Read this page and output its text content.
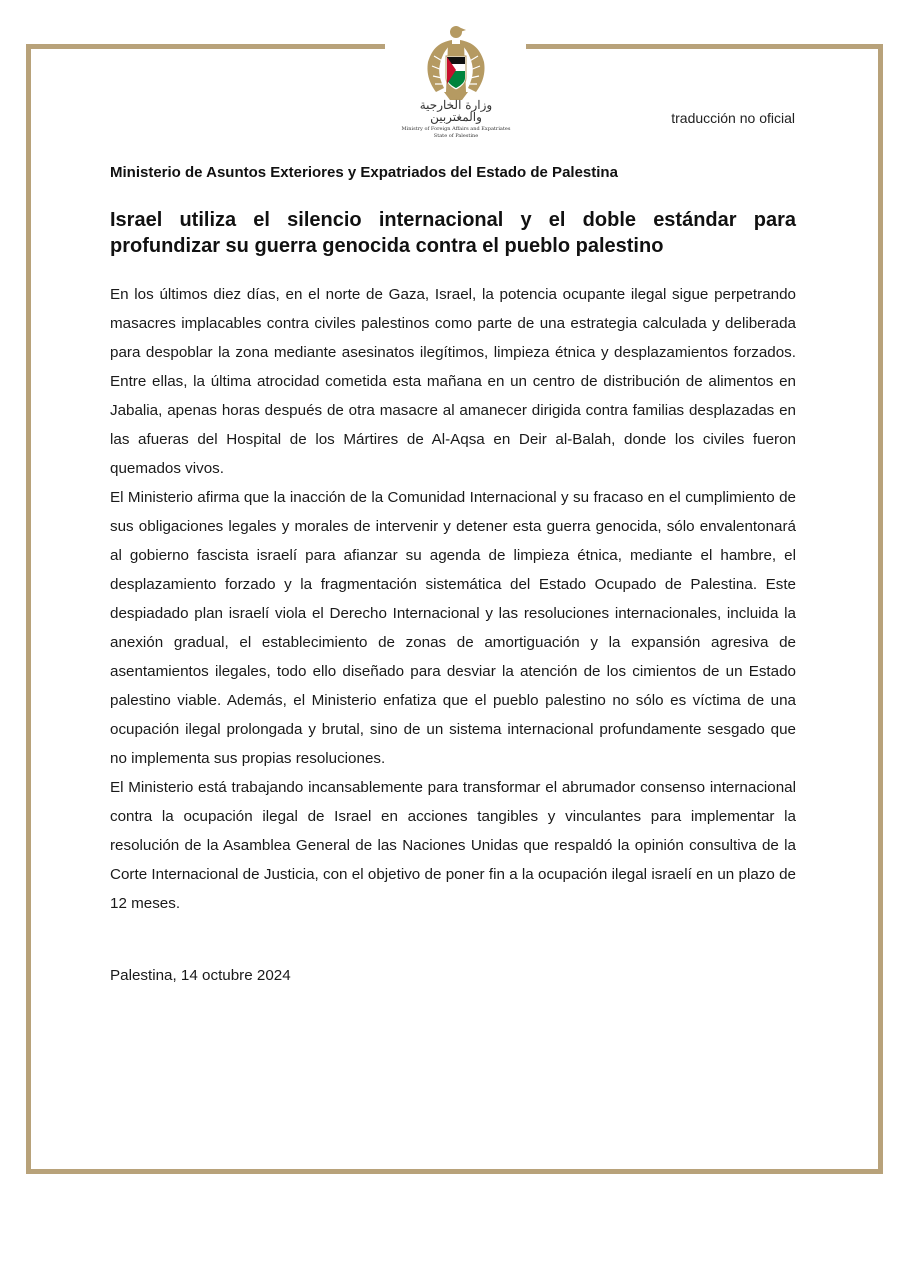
وزارة الخارجية والمغتربين
Ministry of Foreign Affairs and Expatriates
State of Palestine
traducción no oficial
Ministerio de Asuntos Exteriores y Expatriados del Estado de Palestina
Israel utiliza el silencio internacional y el doble estándar para profundizar su guerra genocida contra el pueblo palestino

En los últimos diez días, en el norte de Gaza, Israel, la potencia ocupante ilegal sigue perpetrando masacres implacables contra civiles palestinos como parte de una estrategia calculada y deliberada para despoblar la zona mediante asesinatos ilegítimos, limpieza étnica y desplazamientos forzados. Entre ellas, la última atrocidad cometida esta mañana en un centro de distribución de alimentos en Jabalia, apenas horas después de otra masacre al amanecer dirigida contra familias desplazadas en las afueras del Hospital de los Mártires de Al-Aqsa en Deir al-Balah, donde los civiles fueron quemados vivos.

El Ministerio afirma que la inacción de la Comunidad Internacional y su fracaso en el cumplimiento de sus obligaciones legales y morales de intervenir y detener esta guerra genocida, sólo envalentonará al gobierno fascista israelí para afianzar su agenda de limpieza étnica, mediante el hambre, el desplazamiento forzado y la fragmentación sistemática del Estado Ocupado de Palestina. Este despiadado plan israelí viola el Derecho Internacional y las resoluciones internacionales, incluida la anexión gradual, el establecimiento de zonas de amortiguación y la expansión agresiva de asentamientos ilegales, todo ello diseñado para desviar la atención de los cimientos de un Estado palestino viable. Además, el Ministerio enfatiza que el pueblo palestino no sólo es víctima de una ocupación ilegal prolongada y brutal, sino de un sistema internacional profundamente sesgado que no implementa sus propias resoluciones.

El Ministerio está trabajando incansablemente para transformar el abrumador consenso internacional contra la ocupación ilegal de Israel en acciones tangibles y vinculantes para implementar la resolución de la Asamblea General de las Naciones Unidas que respaldó la opinión consultiva de la Corte Internacional de Justicia, con el objetivo de poner fin a la ocupación ilegal israelí en un plazo de 12 meses.

Palestina, 14 octubre 2024
